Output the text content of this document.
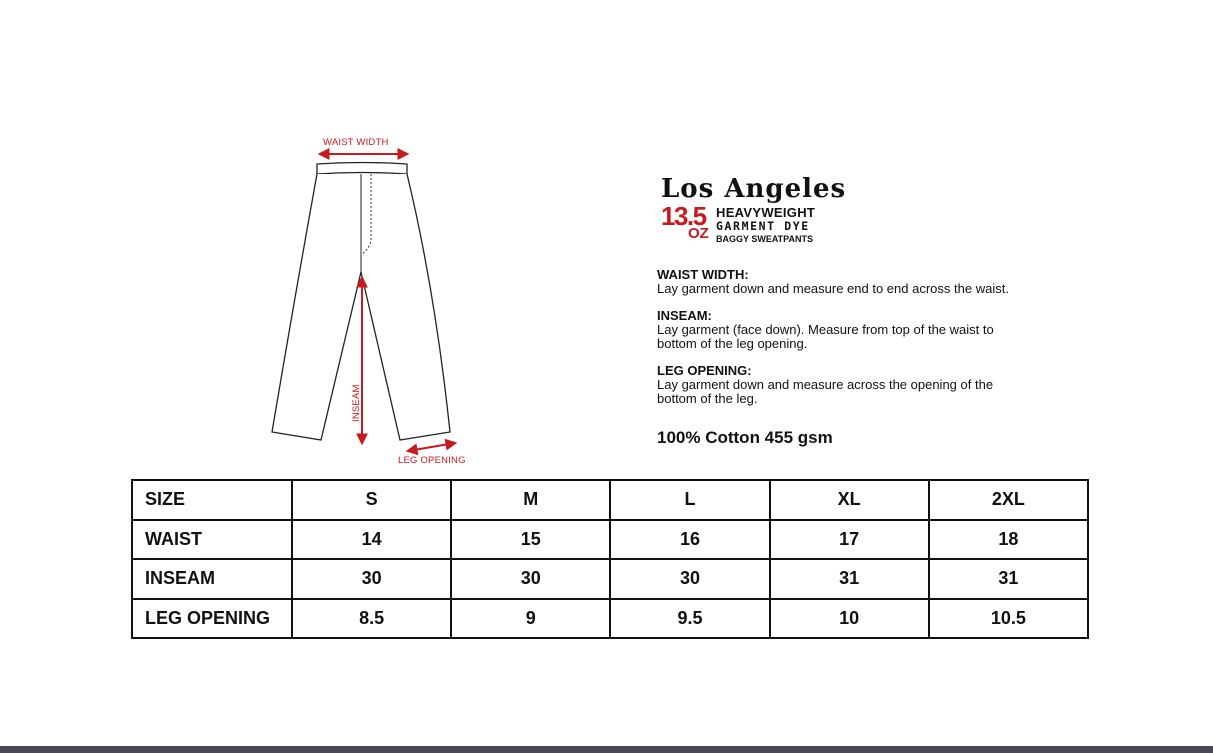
WAIST WIDTH
INSEAM
LEG OPENING
Los Angeles
13.5
OZ
HEAVYWEIGHT
GARMENT DYE
BAGGY SWEATPANTS
WAIST WIDTH:
Lay garment down and measure end to end across the waist.
INSEAM:
Lay garment (face down). Measure from top of the waist to bottom of the leg opening.
LEG OPENING:
Lay garment down and measure across the opening of the bottom of the leg.
100% Cotton 455 gsm
SIZE	S	M	L	XL	2XL
WAIST	14	15	16	17	18
INSEAM	30	30	30	31	31
LEG OPENING	8.5	9	9.5	10	10.5
